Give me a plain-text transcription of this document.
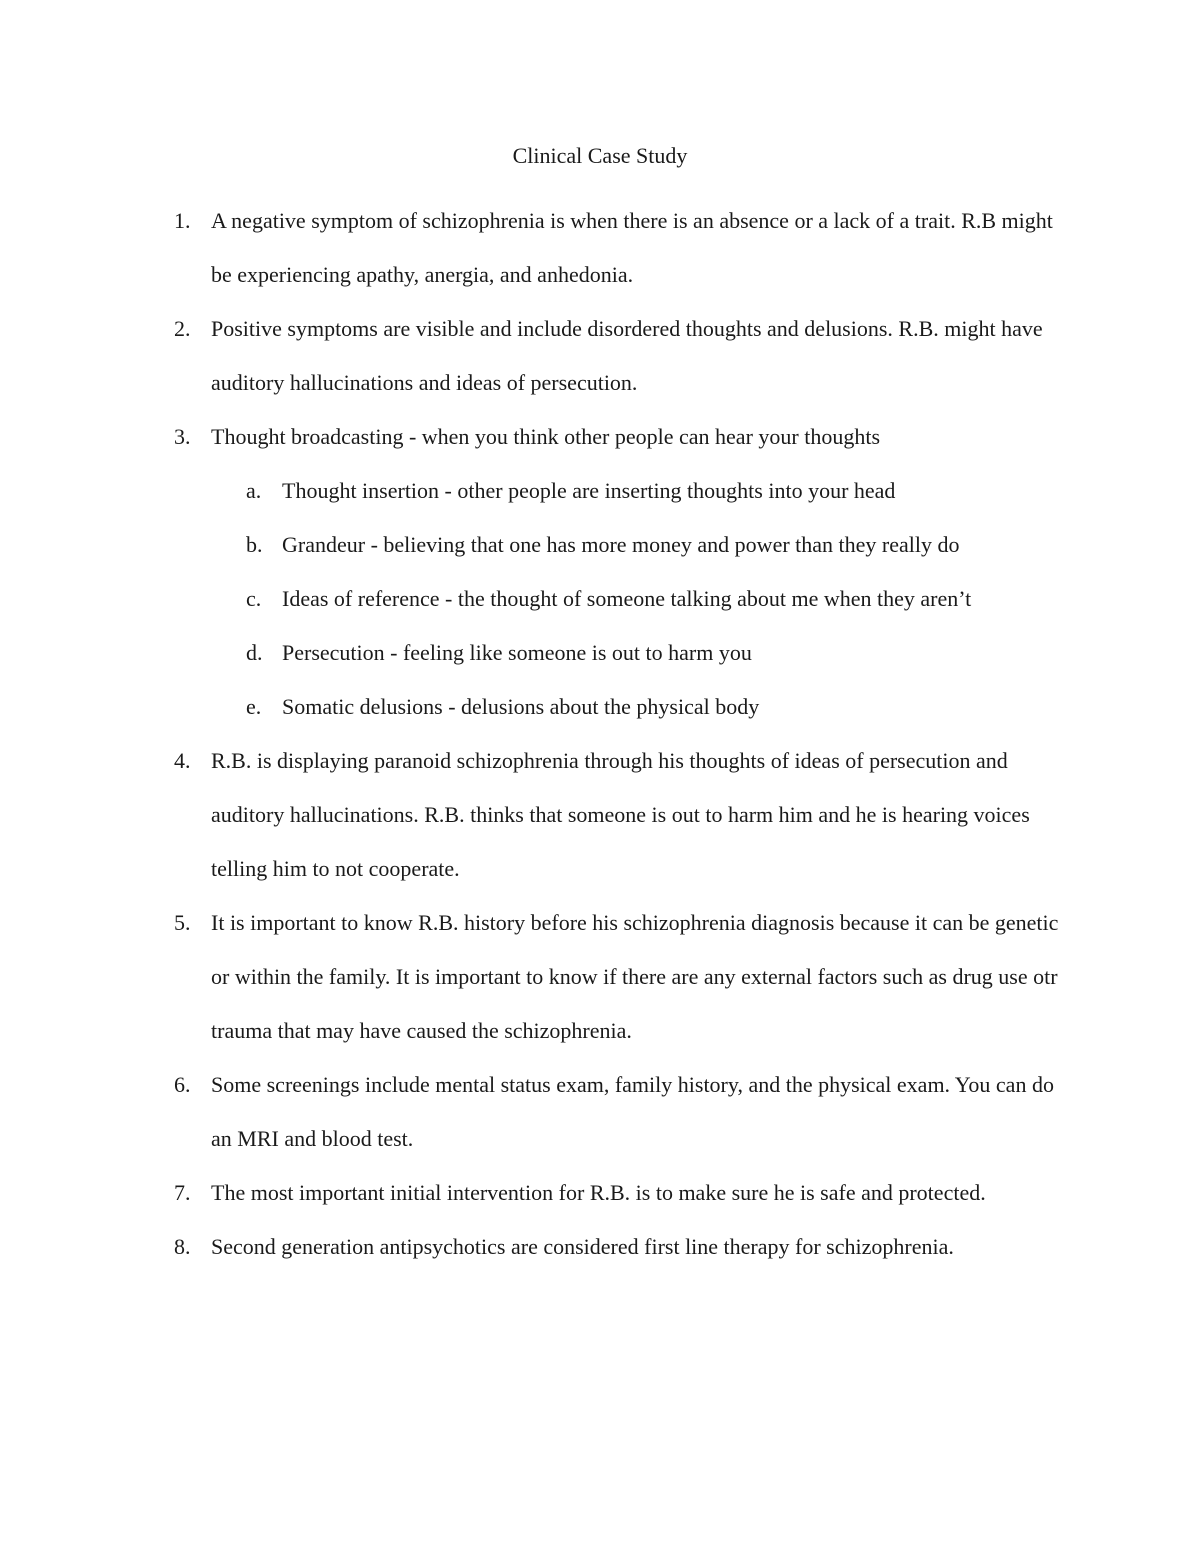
Clinical Case Study
1. A negative symptom of schizophrenia is when there is an absence or a lack of a trait. R.B might be experiencing apathy, anergia, and anhedonia.
2. Positive symptoms are visible and include disordered thoughts and delusions. R.B. might have auditory hallucinations and ideas of persecution.
3. Thought broadcasting - when you think other people can hear your thoughts
a. Thought insertion - other people are inserting thoughts into your head
b. Grandeur - believing that one has more money and power than they really do
c. Ideas of reference - the thought of someone talking about me when they aren’t
d. Persecution - feeling like someone is out to harm you
e. Somatic delusions - delusions about the physical body
4. R.B. is displaying paranoid schizophrenia through his thoughts of ideas of persecution and auditory hallucinations. R.B. thinks that someone is out to harm him and he is hearing voices telling him to not cooperate.
5. It is important to know R.B. history before his schizophrenia diagnosis because it can be genetic or within the family. It is important to know if there are any external factors such as drug use otr trauma that may have caused the schizophrenia.
6. Some screenings include mental status exam, family history, and the physical exam. You can do an MRI and blood test.
7. The most important initial intervention for R.B. is to make sure he is safe and protected.
8. Second generation antipsychotics are considered first line therapy for schizophrenia.
